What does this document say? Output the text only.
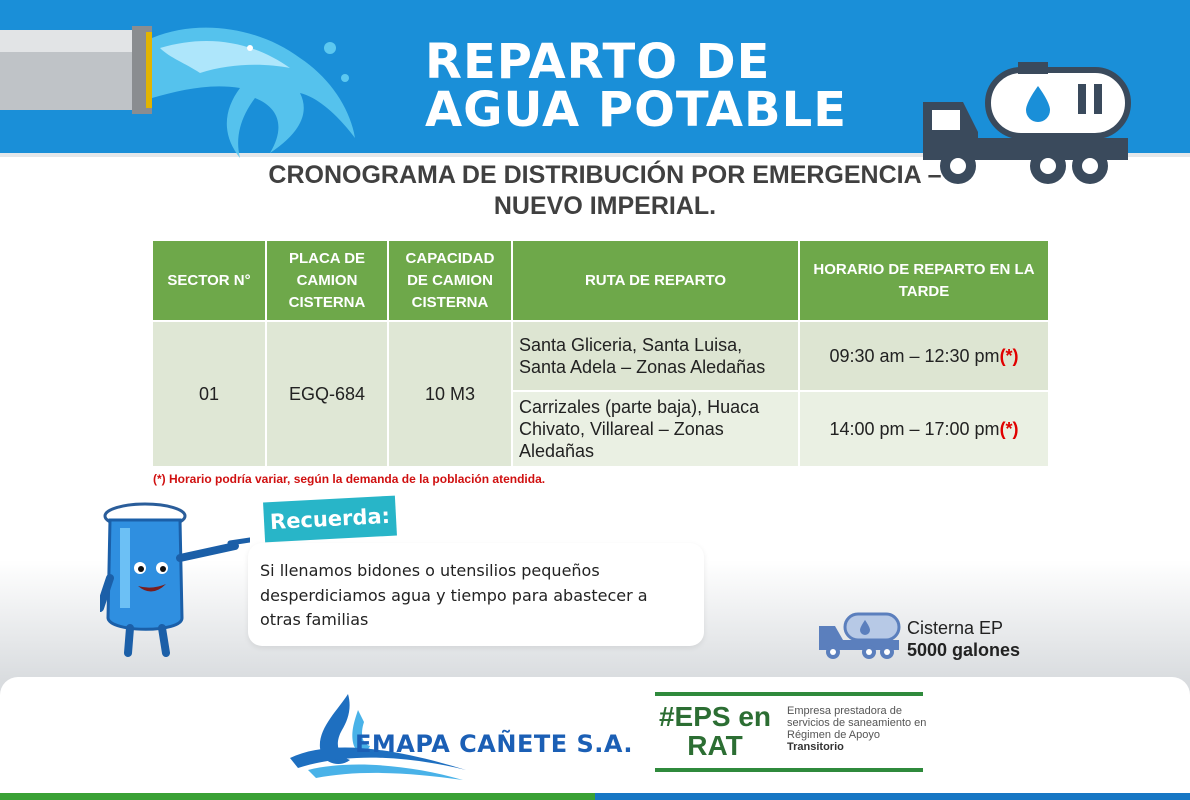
REPARTO DE
AGUA POTABLE
CRONOGRAMA DE DISTRIBUCIÓN POR EMERGENCIA –
NUEVO IMPERIAL.
SECTOR N°	PLACA DE CAMION CISTERNA	CAPACIDAD DE CAMION CISTERNA	RUTA DE REPARTO	HORARIO DE REPARTO EN LA TARDE
01	EGQ-684	10 M3	Santa Gliceria, Santa Luisa, Santa Adela – Zonas Aledañas	09:30 am – 12:30 pm(*)
			Carrizales (parte baja), Huaca Chivato, Villareal – Zonas Aledañas	14:00 pm – 17:00 pm(*)
(*) Horario podría variar, según la demanda de la población atendida.
Si llenamos bidones o utensilios pequeños desperdiciamos agua y tiempo para abastecer a otras familias
Recuerda:
Cisterna EP
5000 galones
EMAPA CAÑETE S.A.
#EPS en
RAT
Empresa prestadora de servicios de saneamiento en Régimen de Apoyo
Transitorio
